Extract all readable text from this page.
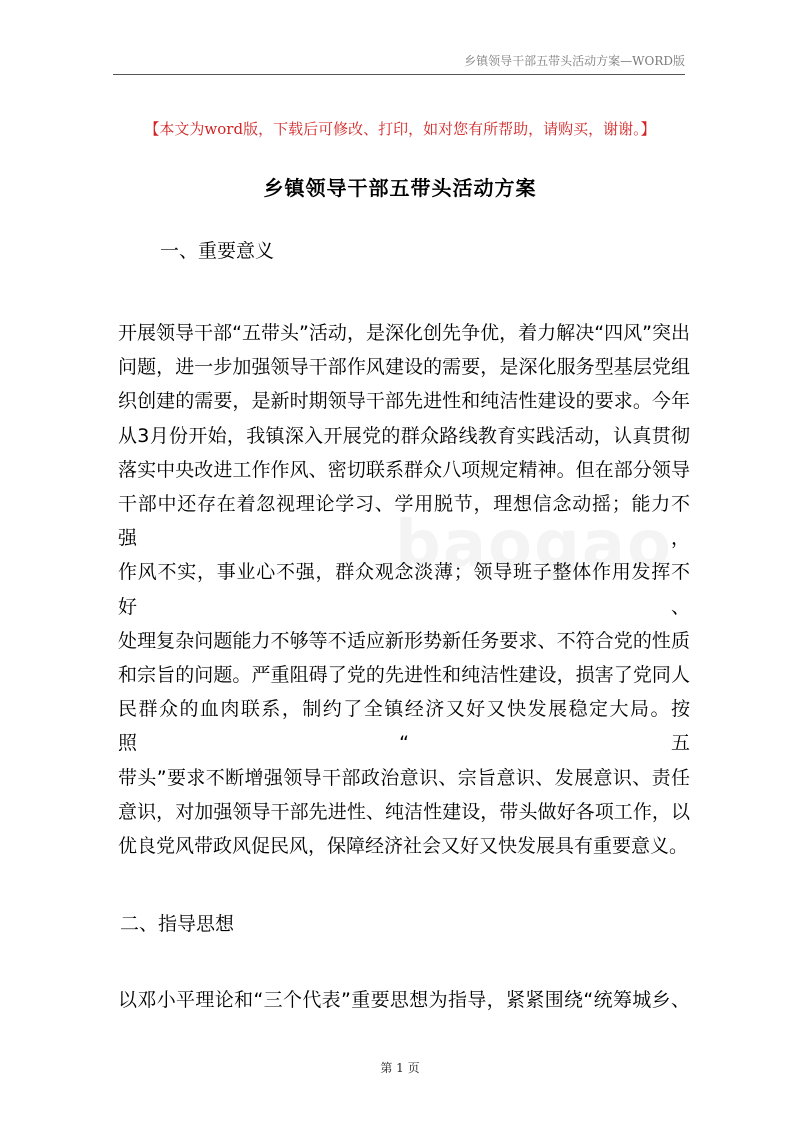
乡镇领导干部五带头活动方案—WORD版
【本文为word版，下载后可修改、打印，如对您有所帮助，请购买，谢谢。】
乡镇领导干部五带头活动方案
一、重要意义
开展领导干部“五带头”活动，是深化创先争优，着力解决“四风”突出
问题，进一步加强领导干部作风建设的需要，是深化服务型基层党组
织创建的需要，是新时期领导干部先进性和纯洁性建设的要求。今年
从3月份开始，我镇深入开展党的群众路线教育实践活动，认真贯彻
落实中央改进工作作风、密切联系群众八项规定精神。但在部分领导
干部中还存在着忽视理论学习、学用脱节，理想信念动摇；能力不强，
作风不实，事业心不强，群众观念淡薄；领导班子整体作用发挥不好、
处理复杂问题能力不够等不适应新形势新任务要求、不符合党的性质
和宗旨的问题。严重阻碍了党的先进性和纯洁性建设，损害了党同人
民群众的血肉联系，制约了全镇经济又好又快发展稳定大局。按照“五
带头”要求不断增强领导干部政治意识、宗旨意识、发展意识、责任
意识，对加强领导干部先进性、纯洁性建设，带头做好各项工作，以
优良党风带政风促民风，保障经济社会又好又快发展具有重要意义。
二、指导思想
以邓小平理论和“三个代表”重要思想为指导，紧紧围绕“统筹城乡、
第 1 页
